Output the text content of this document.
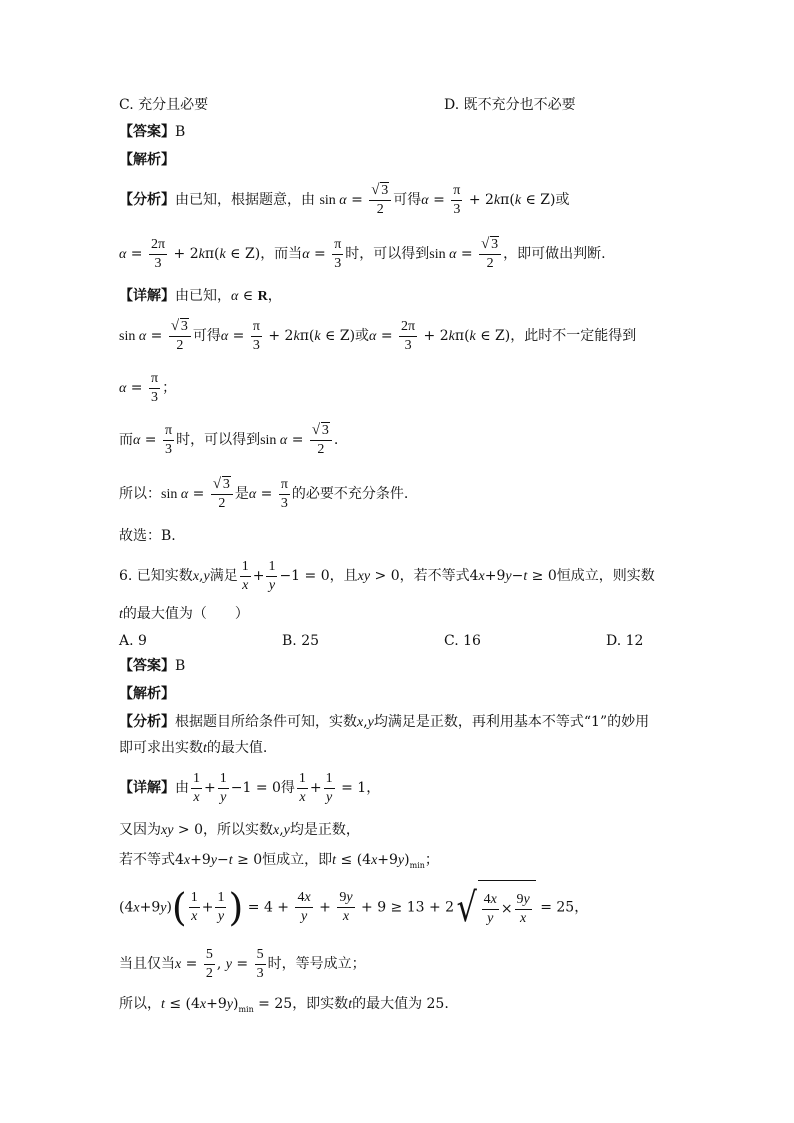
C. 充分且必要	D. 既不充分也不必要
【答案】B
【解析】
【分析】由已知，根据题意，由 sin α = √ $\frac{3}{2}$ 可得$\alpha = \frac{\pi}{3} + 2k\pi(k$ ∈ Z)或
$\alpha = \frac{2\pi}{3} + 2k\pi(k$ ∈ Z)，而当$\alpha = \frac{\pi}{3}$ 时，可以得到sin α = √ $\frac{3}{2}$ ，即可做出判断.
【详解】由已知，α ∈ R，
sin α = √ $\frac{3}{2}$ 可得$\alpha = \frac{\pi}{3} + 2k\pi(k$ ∈ Z)或$\alpha = \frac{2\pi}{3} + 2k\pi(k$ ∈ Z)，此时不一定能得到
$\alpha = \frac{\pi}{3}$ ；
而$\alpha = \frac{\pi}{3}$ 时，可以得到sin α = √ $\frac{3}{2}$ .
所以：sin α = √ $\frac{3}{2}$ 是$\alpha = \frac{\pi}{3}$ 的必要不充分条件.
故选：B.
6. 已知实数x,y满足 $\frac{1}{x} + \frac{1}{y} -1 = 0$，且xy > 0，若不等式4x+9y−t ≥ 0恒成立，则实数
t的最大值为（　　）
A. 9	B. 25	C. 16	D. 12
【答案】B
【解析】
【分析】根据题目所给条件可知，实数x,y均满足是正数，再利用基本不等式“1”的妙用
即可求出实数t的最大值.
【详解】由 $\frac{1}{x} + \frac{1}{y} -1 = 0$得 $\frac{1}{x} + \frac{1}{y} = 1$，
又因为xy > 0，所以实数x,y均是正数，
若不等式4x+9y−t ≥ 0恒成立，即$t \le (4x+9y)_{min}$；
$(4x+9y)( \frac{1}{x} + \frac{1}{y}$ ) = $4 + \frac{4x}{y} + \frac{9y}{x} + 9 \ge 13 + 2$ √ $\frac{4x}{y} \times \frac{9y}{x} = 25$，
当且仅当$x = \frac{5}{2}$ , $y = \frac{5}{3}$ 时，等号成立；
所以，$t \le (4x+9y)_{min} = 25$，即实数t的最大值为 25.
